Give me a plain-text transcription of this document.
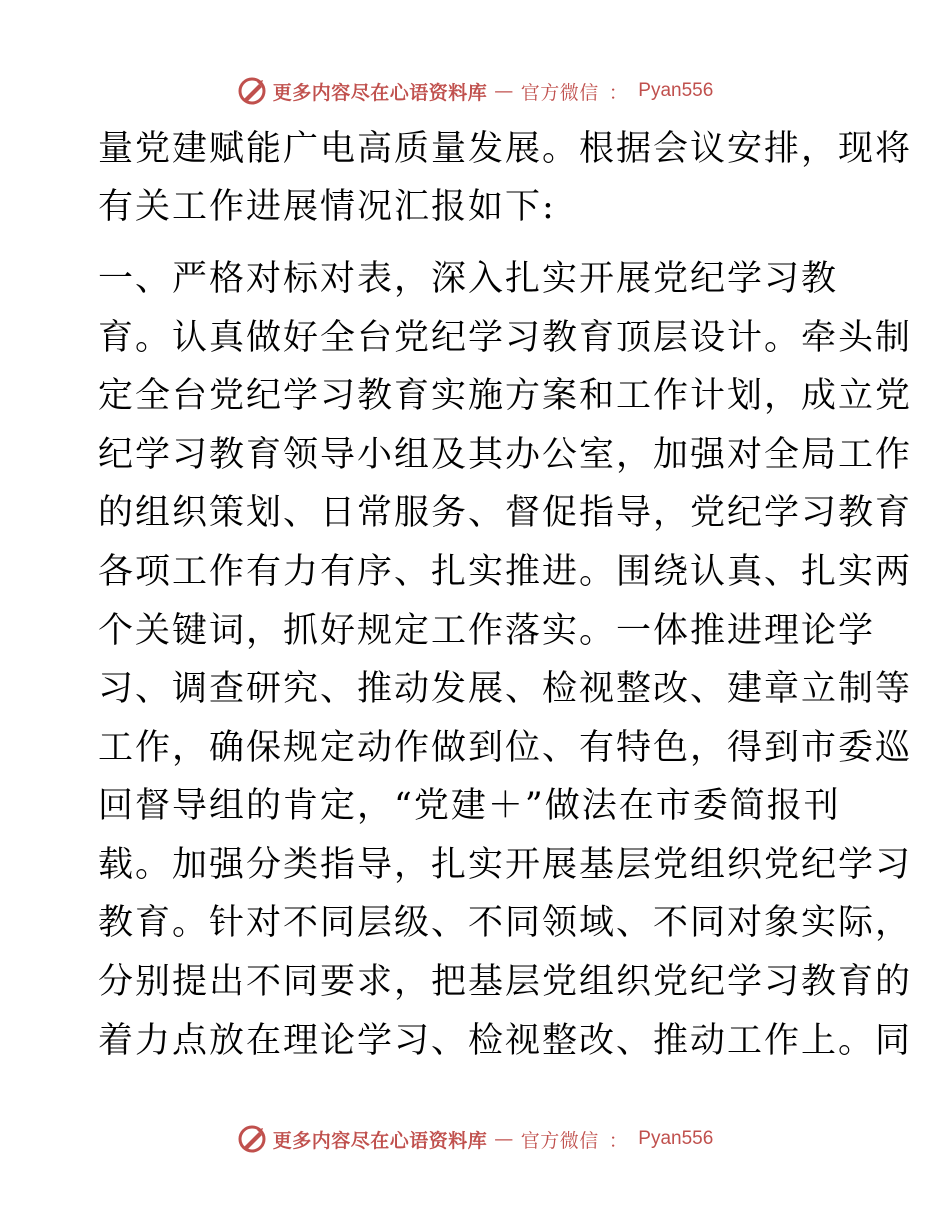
更多内容尽在心语资料库 — 官方微信 ： Pyan556

量党建赋能广电高质量发展。根据会议安排，现将

有关工作进展情况汇报如下:

一、严格对标对表，深入扎实开展党纪学习教

育。认真做好全台党纪学习教育顶层设计。牵头制

定全台党纪学习教育实施方案和工作计划，成立党

纪学习教育领导小组及其办公室，加强对全局工作

的组织策划、日常服务、督促指导，党纪学习教育

各项工作有力有序、扎实推进。围绕认真、扎实两

个关键词，抓好规定工作落实。一体推进理论学

习、调查研究、推动发展、检视整改、建章立制等

工作，确保规定动作做到位、有特色，得到市委巡

回督导组的肯定，“党建＋”做法在市委简报刊

载。加强分类指导，扎实开展基层党组织党纪学习

教育。针对不同层级、不同领域、不同对象实际，

分别提出不同要求，把基层党组织党纪学习教育的

着力点放在理论学习、检视整改、推动工作上。同

更多内容尽在心语资料库 — 官方微信 ： Pyan556
